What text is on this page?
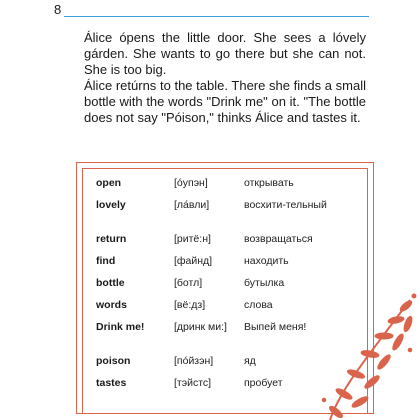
8

Álice ópens the little door. She sees a lóvely gárden. She wants to go there but she can not. She is too big.

Álice retúrns to the table. There she finds a small bottle with the words "Drink me" on it. "The bottle does not say "Póison," thinks Álice and tastes it.

open	[óупэн]	открывать
lovely	[ла́вли]	восхити-тельный
return	[ритё:н]	возвращаться
find	[файнд]	находить
bottle	[ботл]	бутылка
words	[вё:дз]	слова
Drink me!	[дринк ми:]	Выпей меня!
poison	[пóйзэн]	яд
tastes	[тэйстс]	пробует
